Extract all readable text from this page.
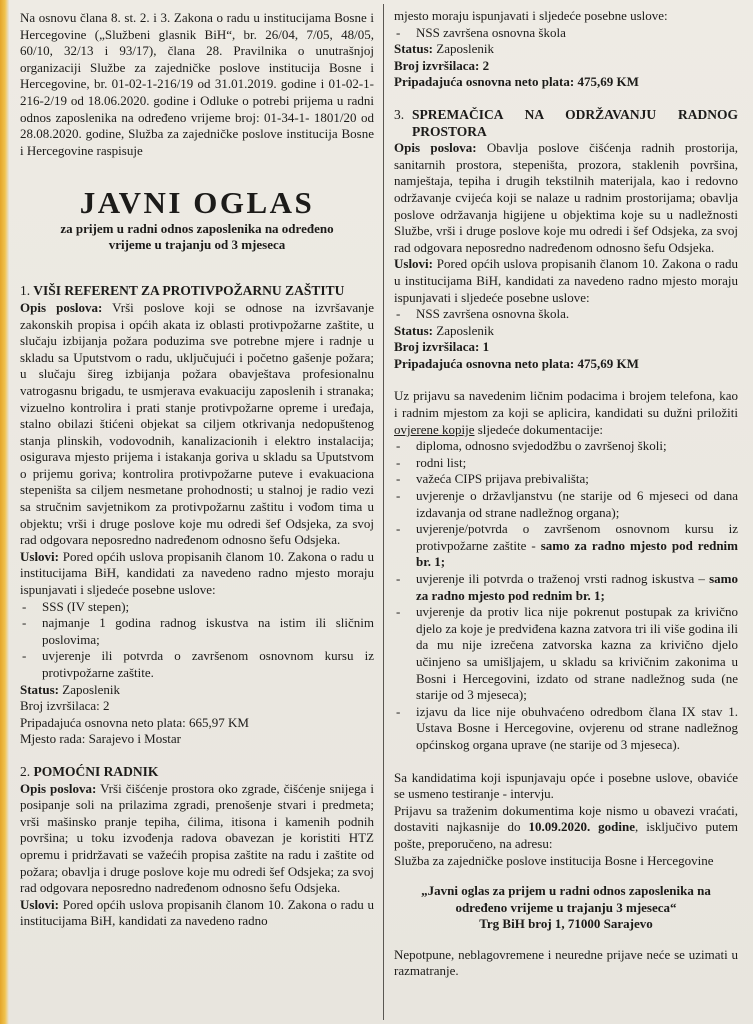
Na osnovu člana 8. st. 2. i 3. Zakona o radu u institucijama Bosne i Hercegovine („Službeni glasnik BiH“, br. 26/04, 7/05, 48/05, 60/10, 32/13 i 93/17), člana 28. Pravilnika o unutrašnjoj organizaciji Službe za zajedničke poslove institucija Bosne i Hercegovine, br. 01-02-1-216/19 od 31.01.2019. godine i 01-02-1-216-2/19 od 18.06.2020. godine i Odluke o potrebi prijema u radni odnos zaposlenika na određeno vrijeme broj: 01-34-1- 1801/20 od 28.08.2020. godine, Služba za zajedničke poslove institucija Bosne i Hercegovine raspisuje

JAVNI OGLAS
za prijem u radni odnos zaposlenika na određeno
vrijeme u trajanju od 3 mjeseca
1. VIŠI REFERENT ZA PROTIVPOŽARNU ZAŠTITU

Opis poslova: Vrši poslove koji se odnose na izvršavanje zakonskih propisa i općih akata iz oblasti protivpožarne zaštite, u slučaju izbijanja požara poduzima sve potrebne mjere i radnje u skladu sa Uputstvom o radu, uključujući i početno gašenje požara; u slučaju šireg izbijanja požara obavještava profesionalnu vatrogasnu brigadu, te usmjerava evakuaciju zaposlenih i stranaka; vizuelno kontrolira i prati stanje protivpožarne opreme i uređaja, stalno obilazi štićeni objekat sa ciljem otkrivanja nedopuštenog stanja plinskih, vodovodnih, kanalizacionih i elektro instalacija; osigurava mjesto prijema i istakanja goriva u skladu sa Uputstvom o prijemu goriva; kontrolira protivpožarne puteve i evakuaciona stepeništa sa ciljem nesmetane prohodnosti; u stalnoj je radio vezi sa stručnim savjetnikom za protivpožarnu zaštitu i vođom tima u objektu; vrši i druge poslove koje mu odredi šef Odsjeka, za svoj rad odgovara neposredno nadređenom odnosno šefu Odsjeka.

Uslovi: Pored općih uslova propisanih članom 10. Zakona o radu u institucijama BiH, kandidati za navedeno radno mjesto moraju ispunjavati i sljedeće posebne uslove:

- SSS (IV stepen);
- najmanje 1 godina radnog iskustva na istim ili sličnim poslovima;
- uvjerenje ili potvrda o završenom osnovnom kursu iz protivpožarne zaštite.

Status: Zaposlenik

Broj izvršilaca: 2

Pripadajuća osnovna neto plata: 665,97 KM

Mjesto rada: Sarajevo i Mostar

2. POMOĆNI RADNIK

Opis poslova: Vrši čišćenje prostora oko zgrade, čišćenje snijega i posipanje soli na prilazima zgradi, prenošenje stvari i predmeta; vrši mašinsko pranje tepiha, ćilima, itisona i kamenih podnih površina; u toku izvođenja radova obavezan je koristiti HTZ opremu i pridržavati se važećih propisa zaštite na radu i zaštite od požara; obavlja i druge poslove koje mu odredi šef Odsjeka; za svoj rad odgovara neposredno nadređenom odnosno šefu Odsjeka.

Uslovi: Pored općih uslova propisanih članom 10. Zakona o radu u institucijama BiH, kandidati za navedeno radno

mjesto moraju ispunjavati i sljedeće posebne uslove:

- NSS završena osnovna škola

Status: Zaposlenik

Broj izvršilaca: 2

Pripadajuća osnovna neto plata: 475,69 KM

3. SPREMAČICA NA ODRŽAVANJU RADNOG PROSTORA

Opis poslova: Obavlja poslove čišćenja radnih prostorija, sanitarnih prostora, stepeništa, prozora, staklenih površina, namještaja, tepiha i drugih tekstilnih materijala, kao i redovno održavanje cvijeća koji se nalaze u radnim prostorijama; obavlja poslove održavanja higijene u objektima koje su u nadležnosti Službe, vrši i druge poslove koje mu odredi i šef Odsjeka, za svoj rad odgovara neposredno nadređenom odnosno šefu Odsjeka.

Uslovi: Pored općih uslova propisanih članom 10. Zakona o radu u institucijama BiH, kandidati za navedeno radno mjesto moraju ispunjavati i sljedeće posebne uslove:

- NSS završena osnovna škola.

Status: Zaposlenik

Broj izvršilaca: 1

Pripadajuća osnovna neto plata: 475,69 KM

Uz prijavu sa navedenim ličnim podacima i brojem telefona, kao i radnim mjestom za koji se aplicira, kandidati su dužni priložiti ovjerene kopije sljedeće dokumentacije:

- diploma, odnosno svjedodžbu o završenoj školi;
- rodni list;
- važeća CIPS prijava prebivališta;
- uvjerenje o državljanstvu (ne starije od 6 mjeseci od dana izdavanja od strane nadležnog organa);
- uvjerenje/potvrda o završenom osnovnom kursu iz protivpožarne zaštite - samo za radno mjesto pod rednim br. 1;
- uvjerenje ili potvrda o traženoj vrsti radnog iskustva – samo za radno mjesto pod rednim br. 1;
- uvjerenje da protiv lica nije pokrenut postupak za krivično djelo za koje je predviđena kazna zatvora tri ili više godina ili da mu nije izrečena zatvorska kazna za krivično djelo učinjeno sa umišljajem, u skladu sa krivičnim zakonima u Bosni i Hercegovini, izdato od strane nadležnog suda (ne starije od 3 mjeseca);
- izjavu da lice nije obuhvaćeno odredbom člana IX stav 1. Ustava Bosne i Hercegovine, ovjerenu od strane nadležnog općinskog organa uprave (ne starije od 3 mjeseca).

Sa kandidatima koji ispunjavaju opće i posebne uslove, obaviće se usmeno testiranje - intervju.

Prijavu sa traženim dokumentima koje nismo u obavezi vraćati, dostaviti najkasnije do 10.09.2020. godine, isključivo putem pošte, preporučeno, na adresu:

Služba za zajedničke poslove institucija Bosne i Hercegovine

„Javni oglas za prijem u radni odnos zaposlenika na
određeno vrijeme u trajanju 3 mjeseca“
Trg BiH broj 1, 71000 Sarajevo

Nepotpune, neblagovremene i neuredne prijave neće se uzimati u razmatranje.
